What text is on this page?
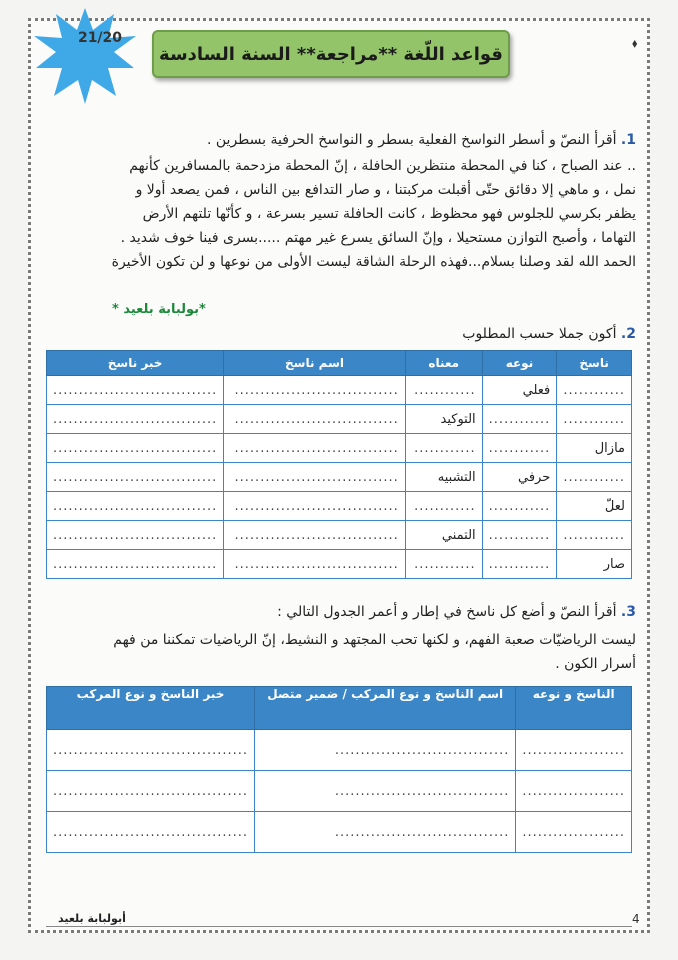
21/20
قواعد اللّغة **مراجعة** السنة السادسة
⬧
1. أقرأ النصّ و أسطر النواسخ الفعلية بسطر و النواسخ الحرفية بسطرين .
.. عند الصباح ، كنا في المحطة منتظرين الحافلة ، إنّ المحطة مزدحمة بالمسافرين كأنهم
نمل ، و ماهي إلا دقائق حتّى أقبلت مركبتنا ، و صار التدافع بين الناس ، فمن يصعد أولا و
يظفر بكرسي للجلوس فهو محظوظ ، كانت الحافلة تسير بسرعة ، و كأنّها تلتهم الأرض
التهاما ، وأصبح التوازن مستحيلا ، وإنّ السائق يسرع غير مهتم .....بسرى فينا خوف شديد .
الحمد الله لقد وصلنا بسلام...فهذه الرحلة الشاقة ليست الأولى من نوعها و لن تكون الأخيرة
*بولبابة بلعيد *
2. أكون جملا حسب المطلوب
ناسخ	نوعه	معناه	اسم ناسخ	خبر ناسخ
............	فعلي	............	................................	................................
............	............	التوكيد	................................	................................
مازال	............	............	................................	................................
............	حرفي	التشبيه	................................	................................
لعلّ	............	............	................................	................................
............	............	التمني	................................	................................
صار	............	............	................................	................................
3. أقرأ النصّ و أضع كل ناسخ في إطار و أعمر الجدول التالي :
ليست الرياضيّات صعبة الفهم، و لكنها تحب المجتهد و النشيط، إنّ الرياضيات تمكننا من فهم
أسرار الكون .
الناسخ و نوعه	اسم الناسخ و نوع المركب / ضمير متصل	خبر الناسخ و نوع المركب
....................	..................................	......................................
....................	..................................	......................................
....................	..................................	......................................
أبولبابة بلعيد	4
